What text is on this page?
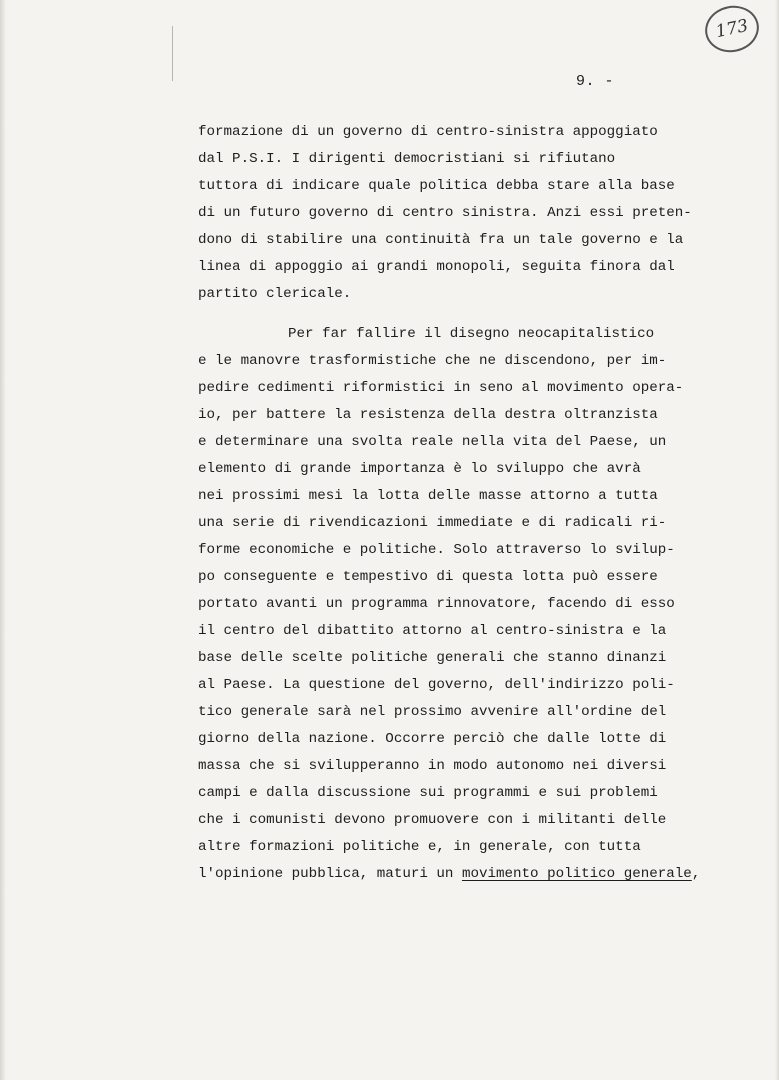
173
9. -
formazione di un governo di centro-sinistra appoggiato
dal P.S.I. I dirigenti democristiani si rifiutano
tuttora di indicare quale politica debba stare alla base
di un futuro governo di centro sinistra. Anzi essi preten-
dono di stabilire una continuità fra un tale governo e la
linea di appoggio ai grandi monopoli, seguita finora dal
partito clericale.
Per far fallire il disegno neocapitalistico
e le manovre trasformistiche che ne discendono, per im-
pedire cedimenti riformistici in seno al movimento opera-
io, per battere la resistenza della destra oltranzista
e determinare una svolta reale nella vita del Paese, un
elemento di grande importanza è lo sviluppo che avrà
nei prossimi mesi la lotta delle masse attorno a tutta
una serie di rivendicazioni immediate e di radicali ri-
forme economiche e politiche. Solo attraverso lo svilup-
po conseguente e tempestivo di questa lotta può essere
portato avanti un programma rinnovatore, facendo di esso
il centro del dibattito attorno al centro-sinistra e la
base delle scelte politiche generali che stanno dinanzi
al Paese. La questione del governo, dell'indirizzo poli-
tico generale sarà nel prossimo avvenire all'ordine del
giorno della nazione. Occorre perciò che dalle lotte di
massa che si svilupperanno in modo autonomo nei diversi
campi e dalla discussione sui programmi e sui problemi
che i comunisti devono promuovere con i militanti delle
altre formazioni politiche e, in generale, con tutta
l'opinione pubblica, maturi un movimento politico generale,
